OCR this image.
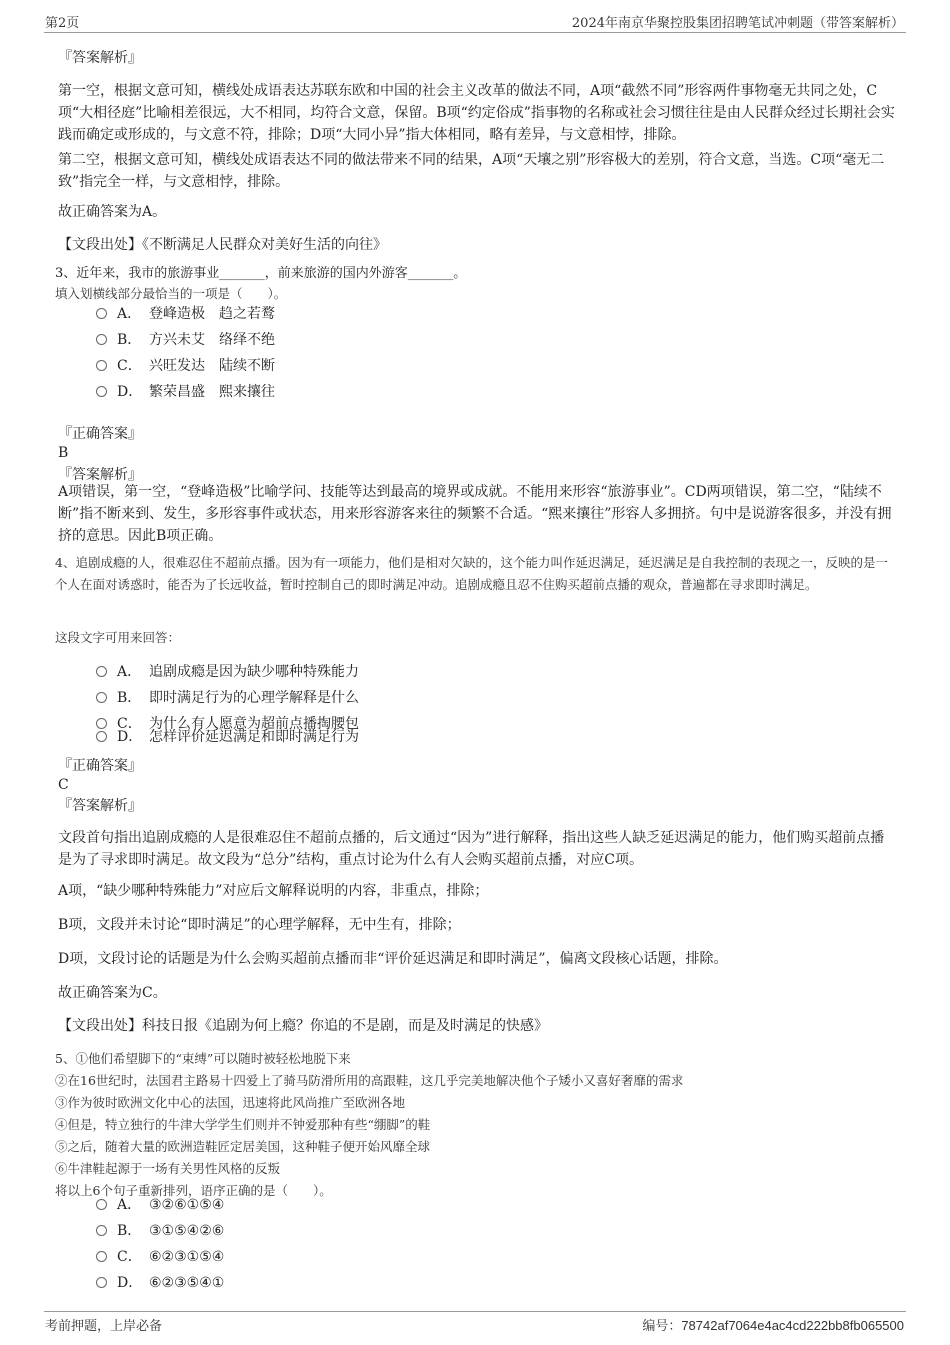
第2页	2024年南京华聚控股集团招聘笔试冲刺题（带答案解析）
『答案解析』
第一空，根据文意可知，横线处成语表达苏联东欧和中国的社会主义改革的做法不同，A项“截然不同”形容两件事物毫无共同之处，C项“大相径庭”比喻相差很远，大不相同，均符合文意，保留。B项“约定俗成”指事物的名称或社会习惯往往是由人民群众经过长期社会实践而确定或形成的，与文意不符，排除；D项“大同小异”指大体相同，略有差异，与文意相悖，排除。
第二空，根据文意可知，横线处成语表达不同的做法带来不同的结果，A项“天壤之别”形容极大的差别，符合文意，当选。C项“毫无二致”指完全一样，与文意相悖，排除。
故正确答案为A。
【文段出处】《不断满足人民群众对美好生活的向往》
3、近年来，我市的旅游事业_______，前来旅游的国内外游客_______。
填入划横线部分最恰当的一项是（　　）。
A． 登峰造极 趋之若鹜
B． 方兴未艾 络绎不绝
C． 兴旺发达 陆续不断
D． 繁荣昌盛 熙来攘往
『正确答案』
B
『答案解析』
A项错误，第一空，“登峰造极”比喻学问、技能等达到最高的境界或成就。不能用来形容“旅游事业”。CD两项错误，第二空，“陆续不断”指不断来到、发生，多形容事件或状态，用来形容游客来往的频繁不合适。“熙来攘往”形容人多拥挤。句中是说游客很多，并没有拥挤的意思。因此B项正确。
4、追剧成瘾的人，很难忍住不超前点播。因为有一项能力，他们是相对欠缺的，这个能力叫作延迟满足，延迟满足是自我控制的表现之一，反映的是一个人在面对诱惑时，能否为了长远收益，暂时控制自己的即时满足冲动。追剧成瘾且忍不住购买超前点播的观众，普遍都在寻求即时满足。
这段文字可用来回答：
A． 追剧成瘾是因为缺少哪种特殊能力
B． 即时满足行为的心理学解释是什么
C． 为什么有人愿意为超前点播掏腰包
D． 怎样评价延迟满足和即时满足行为
『正确答案』
C
『答案解析』
文段首句指出追剧成瘾的人是很难忍住不超前点播的，后文通过“因为”进行解释，指出这些人缺乏延迟满足的能力，他们购买超前点播是为了寻求即时满足。故文段为“总分”结构，重点讨论为什么有人会购买超前点播，对应C项。
A项，“缺少哪种特殊能力”对应后文解释说明的内容，非重点，排除；
B项，文段并未讨论“即时满足”的心理学解释，无中生有，排除；
D项，文段讨论的话题是为什么会购买超前点播而非“评价延迟满足和即时满足”，偏离文段核心话题，排除。
故正确答案为C。
【文段出处】科技日报《追剧为何上瘾？你追的不是剧，而是及时满足的快感》
5、①他们希望脚下的“束缚”可以随时被轻松地脱下来
②在16世纪时，法国君主路易十四爱上了骑马防滑所用的高跟鞋，这几乎完美地解决他个子矮小又喜好奢靡的需求
③作为彼时欧洲文化中心的法国，迅速将此风尚推广至欧洲各地
④但是，特立独行的牛津大学学生们则并不钟爱那种有些“绷脚”的鞋
⑤之后，随着大量的欧洲造鞋匠定居美国，这种鞋子便开始风靡全球
⑥牛津鞋起源于一场有关男性风格的反叛
将以上6个句子重新排列，语序正确的是（　　）。
A． ③②⑥①⑤④
B． ③①⑤④②⑥
C． ⑥②③①⑤④
D． ⑥②③⑤④①
考前押题，上岸必备	编号：78742af7064e4ac4cd222bb8fb065500
